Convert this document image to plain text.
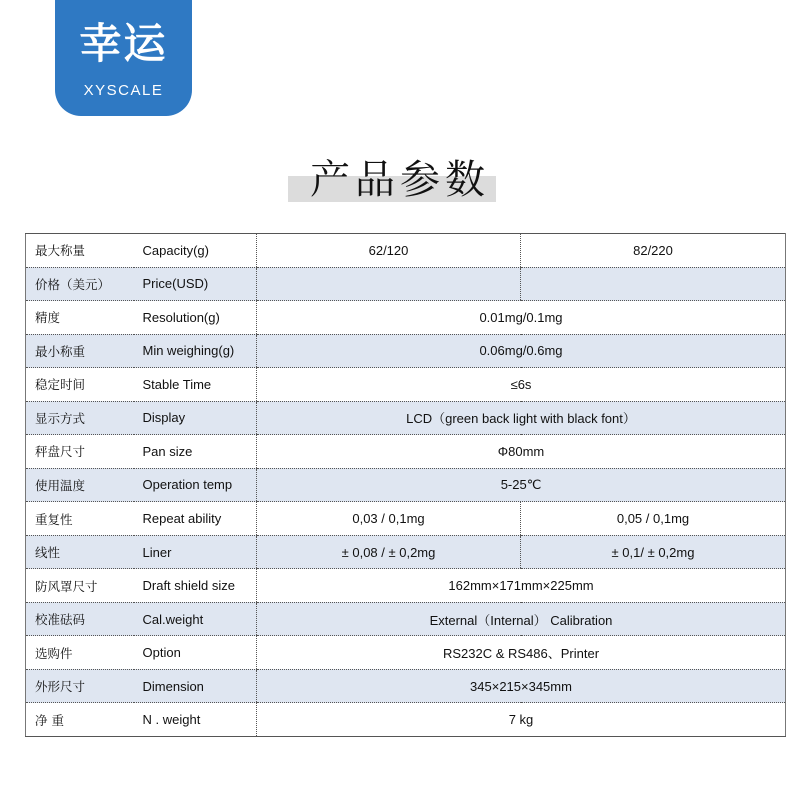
幸运
XYSCALE
产品参数
最大称量	Capacity(g)	62/120	82/220
价格（美元）	Price(USD)		
精度	Resolution(g)	0.01mg/0.1mg	
最小称重	Min weighing(g)	0.06mg/0.6mg	
稳定时间	Stable Time	≤6s	
显示方式	Display	LCD（green back light with black font）	
秤盘尺寸	Pan size	Φ80mm	
使用温度	Operation temp	5-25℃	
重复性	Repeat ability	0,03 / 0,1mg	0,05 / 0,1mg
线性	Liner	± 0,08 / ± 0,2mg	± 0,1/ ± 0,2mg
防风罩尺寸	Draft shield size	162mm×171mm×225mm	
校准砝码	Cal.weight	External（Internal） Calibration	
选购件	Option	RS232C & RS486、Printer	
外形尺寸	Dimension	345×215×345mm	
净 重	N . weight	7 kg	
